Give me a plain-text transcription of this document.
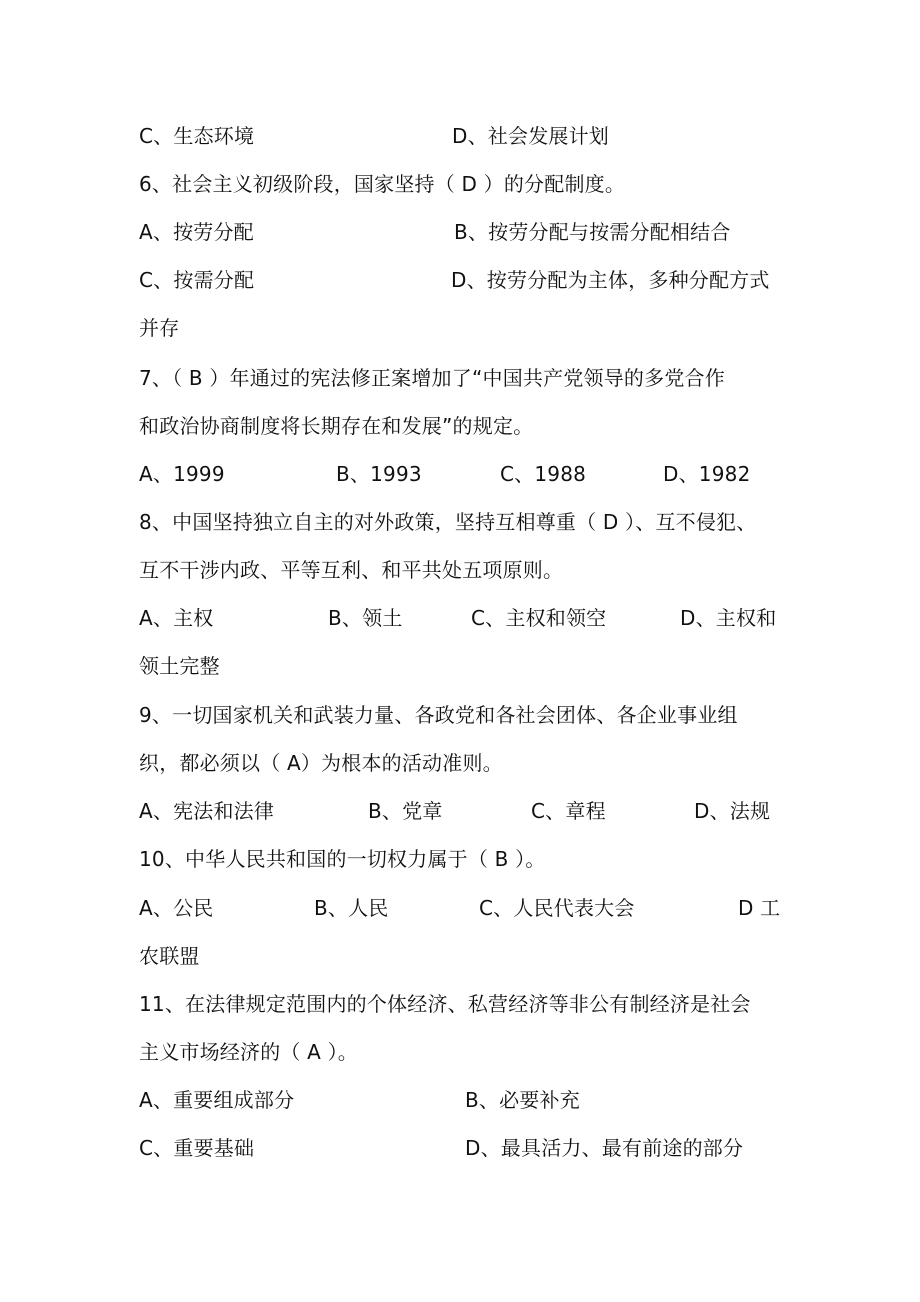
C、生态环境	D、社会发展计划
6、社会主义初级阶段，国家坚持（ D ）的分配制度。
A、按劳分配	B、按劳分配与按需分配相结合
C、按需分配	D、按劳分配为主体，多种分配方式
并存
7、（ B ）年通过的宪法修正案增加了“中国共产党领导的多党合作
和政治协商制度将长期存在和发展”的规定。
A、1999	B、1993	C、1988	D、1982
8、中国坚持独立自主的对外政策，坚持互相尊重（ D ）、互不侵犯、
互不干涉内政、平等互利、和平共处五项原则。
A、主权	B、领土	C、主权和领空	D、主权和
领土完整
9、一切国家机关和武装力量、各政党和各社会团体、各企业事业组
织，都必须以（ A）为根本的活动准则。
A、宪法和法律	B、党章	C、章程	D、法规
10、中华人民共和国的一切权力属于（ B ）。
A、公民	B、人民	C、人民代表大会	D 工
农联盟
11、在法律规定范围内的个体经济、私营经济等非公有制经济是社会
主义市场经济的（ A ）。
A、重要组成部分	B、必要补充
C、重要基础	D、最具活力、最有前途的部分
